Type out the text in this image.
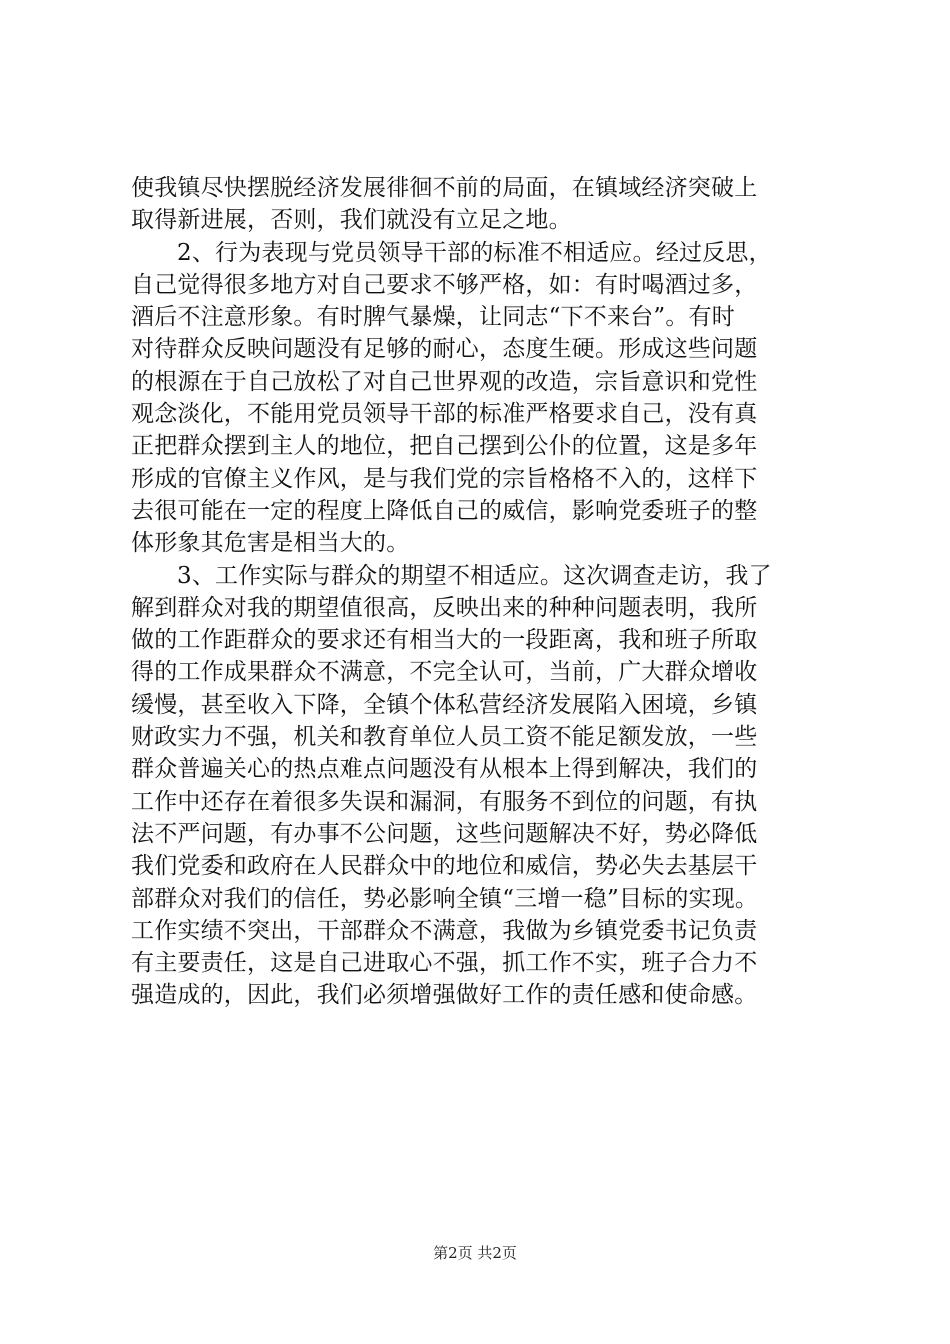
使我镇尽快摆脱经济发展徘徊不前的局面，在镇域经济突破上
取得新进展，否则，我们就没有立足之地。
2、行为表现与党员领导干部的标准不相适应。经过反思，
自己觉得很多地方对自己要求不够严格，如：有时喝酒过多，
酒后不注意形象。有时脾气暴燥，让同志“下不来台”。有时
对待群众反映问题没有足够的耐心，态度生硬。形成这些问题
的根源在于自己放松了对自己世界观的改造，宗旨意识和党性
观念淡化，不能用党员领导干部的标准严格要求自己，没有真
正把群众摆到主人的地位，把自己摆到公仆的位置，这是多年
形成的官僚主义作风，是与我们党的宗旨格格不入的，这样下
去很可能在一定的程度上降低自己的威信，影响党委班子的整
体形象其危害是相当大的。
3、工作实际与群众的期望不相适应。这次调查走访，我了
解到群众对我的期望值很高，反映出来的种种问题表明，我所
做的工作距群众的要求还有相当大的一段距离，我和班子所取
得的工作成果群众不满意，不完全认可，当前，广大群众增收
缓慢，甚至收入下降，全镇个体私营经济发展陷入困境，乡镇
财政实力不强，机关和教育单位人员工资不能足额发放，一些
群众普遍关心的热点难点问题没有从根本上得到解决，我们的
工作中还存在着很多失误和漏洞，有服务不到位的问题，有执
法不严问题，有办事不公问题，这些问题解决不好，势必降低
我们党委和政府在人民群众中的地位和威信，势必失去基层干
部群众对我们的信任，势必影响全镇“三增一稳”目标的实现。
工作实绩不突出，干部群众不满意，我做为乡镇党委书记负责
有主要责任，这是自己进取心不强，抓工作不实，班子合力不
强造成的，因此，我们必须增强做好工作的责任感和使命感。
第2页 共2页
